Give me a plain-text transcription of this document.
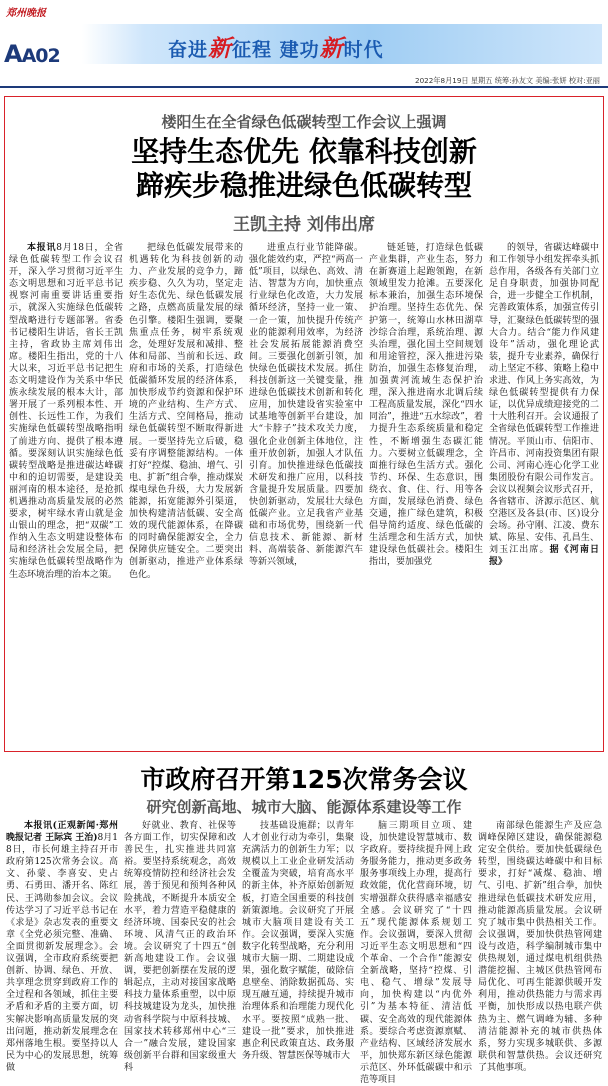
郑州晚报
AA02	奋进新征程 建功新时代
2022年8月19日 星期五 统筹:孙友文 美编:张妍 校对:亚丽
楼阳生在全省绿色低碳转型工作会议上强调
坚持生态优先 依靠科技创新
蹄疾步稳推进绿色低碳转型
王凯主持 刘伟出席

本报讯8月18日，全省绿色低碳转型工作会议召开，深入学习贯彻习近平生态文明思想和习近平总书记视察河南重要讲话重要指示，就深入实施绿色低碳转型战略进行专题部署。省委书记楼阳生讲话，省长王凯主持，省政协主席刘伟出席。楼阳生指出，党的十八大以来，习近平总书记把生态文明建设作为关系中华民族永续发展的根本大计，部署开展了一系列根本性、开创性、长远性工作，为我们实施绿色低碳转型战略指明了前进方向、提供了根本遵循。要深刻认识实施绿色低碳转型战略是推进碳达峰碳中和的迫切需要，是建设美丽河南的根本途径，是抢抓机遇推动高质量发展的必然要求，树牢绿水青山就是金山银山的理念，把“双碳”工作纳入生态文明建设整体布局和经济社会发展全局，把实施绿色低碳转型战略作为生态环境治理的治本之策。

把绿色低碳发展带来的机遇转化为科技创新的动力、产业发展的竞争力，蹄疾步稳、久久为功，坚定走好生态优先、绿色低碳发展之路，点燃高质量发展的绿色引擎。楼阳生强调，要聚焦重点任务，树牢系统观念，处理好发展和减排、整体和局部、当前和长远、政府和市场的关系，打造绿色低碳循环发展的经济体系，加快形成节约资源和保护环境的产业结构、生产方式、生活方式、空间格局，推动绿色低碳转型不断取得新进展。一要坚持先立后破，稳妥有序调整能源结构。一体打好“控煤、稳油、增气、引电、扩新”组合拳，推动煤炭煤电绿色升级，大力发展新能源，拓宽能源外引渠道，加快构建清洁低碳、安全高效的现代能源体系，在降碳的同时确保能源安全，全力保障供应链安全。二要突出创新驱动，推进产业体系绿色化。

进重点行业节能降碳。强化能效约束，严控“两高一低”项目，以绿色、高效、清洁、智慧为方向，加快重点行业绿色化改造，大力发展循环经济，坚持一业一策、一企一策，加快提升传统产业的能源利用效率，为经济社会发展拓展能源消费空间。三要强化创新引领，加快绿色低碳技术发展。抓住科技创新这一关键变量，推进绿色低碳技术创新和转化应用，加快建设省实验室中试基地等创新平台建设，加大“卡脖子”技术攻关力度，强化企业创新主体地位，注重开放创新，加强人才队伍引育。加快推进绿色低碳技术研发和推广应用，以科技含量提升发展质量。四要加快创新驱动，发展壮大绿色低碳产业。立足我省产业基础和市场优势，围绕新一代信息技术、新能源、新材料、高端装备、新能源汽车等新兴领域，

链延链，打造绿色低碳产业集群，产业生态，努力在新赛道上起跑领跑，在新领域里发力抢滩。五要深化标本兼治，加强生态环境保护治理。坚持生态优先、保护第一，统筹山水林田湖草沙综合治理，系统治理、源头治理，强化国土空间规划和用途管控，深入推进污染防治，加强生态修复治理，加强黄河流域生态保护治理，深入推进南水北调后续工程高质量发展，深化“四水同治”，推进“五水综改”，着力提升生态系统质量和稳定性，不断增强生态碳汇能力。六要树立低碳理念，全面推行绿色生活方式。强化节约、环保、生态意识，围绕衣、食、住、行、用等各方面，发展绿色消费、绿色交通，推广绿色建筑，积极倡导简约适度、绿色低碳的生活理念和生活方式，加快建设绿色低碳社会。楼阳生指出，要加强党

的领导，省碳达峰碳中和工作领导小组发挥牵头抓总作用，各级各有关部门立足自身职责，加强协同配合，进一步健全工作机制，完善政策体系，加强宣传引导，汇聚绿色低碳转型的强大合力。结合“能力作风建设年”活动，强化理论武装，提升专业素养，确保行动上坚定不移、策略上稳中求进、作风上务实高效，为绿色低碳转型提供有力保证，以优异成绩迎接党的二十大胜利召开。会议通报了全省绿色低碳转型工作推进情况。平顶山市、信阳市、许昌市、河南投资集团有限公司、河南心连心化学工业集团股份有限公司作发言。会议以视频会议形式召开，各省辖市、济源示范区、航空港区及各县(市、区)设分会场。孙守刚、江凌、费东斌、陈星、安伟、孔昌生、刘玉江出席。据《河南日报》

市政府召开第125次常务会议
研究创新高地、城市大脑、能源体系建设等工作

本报讯(正观新闻·郑州晚报记者 王际宾 王治)8月18日，市长何雄主持召开市政府第125次常务会议。高文、孙蒙、李喜安、史占勇、石勇田、潘开名、陈红民、王鸿勋参加会议。会议传达学习了习近平总书记在《求是》杂志发表的重要文章《全党必须完整、准确、全面贯彻新发展理念》。会议强调，全市政府系统要把创新、协调、绿色、开放、共享理念贯穿到政府工作的全过程和各领域，抓住主要矛盾和矛盾的主要方面，切实解决影响高质量发展的突出问题，推动新发展理念在郑州落地生根。要坚持以人民为中心的发展思想，统筹做

好就业、教育、社保等各方面工作，切实保障和改善民生，扎实推进共同富裕。要坚持系统观念，高效统筹疫情防控和经济社会发展，善于预见和预判各种风险挑战，不断提升本质安全水平，着力营造平稳健康的经济环境、国泰民安的社会环境、风清气正的政治环境。会议研究了十四五“创新高地建设工作。会议强调，要把创新摆在发展的逻辑起点，主动对接国家战略科技力量体系重塑，以中原科技城建设为龙头，加快推动省科学院与中原科技城、国家技术转移郑州中心“三合一”融合发展，建设国家级创新平台群和国家级重大科

技基础设施群；以青年人才创业行动为牵引，集聚充满活力的创新生力军；以规模以上工业企业研发活动全覆盖为突破，培育高水平的新主体，补齐原始创新短板，打造全国重要的科技创新策源地。会议研究了开展城市大脑项目建设有关工作。会议强调，要深入实施数字化转型战略，充分利用城市大脑一期、二期建设成果，强化数字赋能，破除信息壁垒、消除数据孤岛、实现互融互通，持续提升城市治理体系和治理能力现代化水平。要按照“成熟一批、建设一批”要求，加快推进惠企利民政策直达、政务服务升级、智慧医保等城市大

脑三期项目立项、建设，加快建设智慧城市、数字政府。要持续提升网上政务服务能力，推动更多政务服务事项线上办理，提高行政效能，优化营商环境，切实增强群众获得感幸福感安全感。会议研究了“十四五”现代能源体系规划工作。会议强调，要深入贯彻习近平生态文明思想和“四个革命、一个合作”能源安全新战略，坚持“控煤、引电、稳气、增绿”发展导向，加快构建以“内优外引”为基本特征、清洁低碳、安全高效的现代能源体系。要综合考虑资源禀赋、产业结构、区域经济发展水平，加快郑东新区绿色能源示范区、外环低碳碳中和示范等项目

南部绿色能源生产及应急调峰保障区建设，确保能源稳定安全供给。要加快低碳绿色转型，围绕碳达峰碳中和目标要求，打好“减煤、稳油、增气、引电、扩新”组合拳，加快推进绿色低碳技术研发应用，推动能源高质量发展。会议研究了城市集中供热相关工作。会议强调，要加快供热管网建设与改造，科学编制城市集中供热规划，通过煤电机组供热潜能挖掘、主城区供热管网布局优化、可再生能源供暖开发利用，推动供热能力与需求再平衡，加快形成以热电联产供热为主、燃气调峰为辅、多种清洁能源补充的城市供热体系，努力实现多城联供、多源联供和智慧供热。会议还研究了其他事项。
